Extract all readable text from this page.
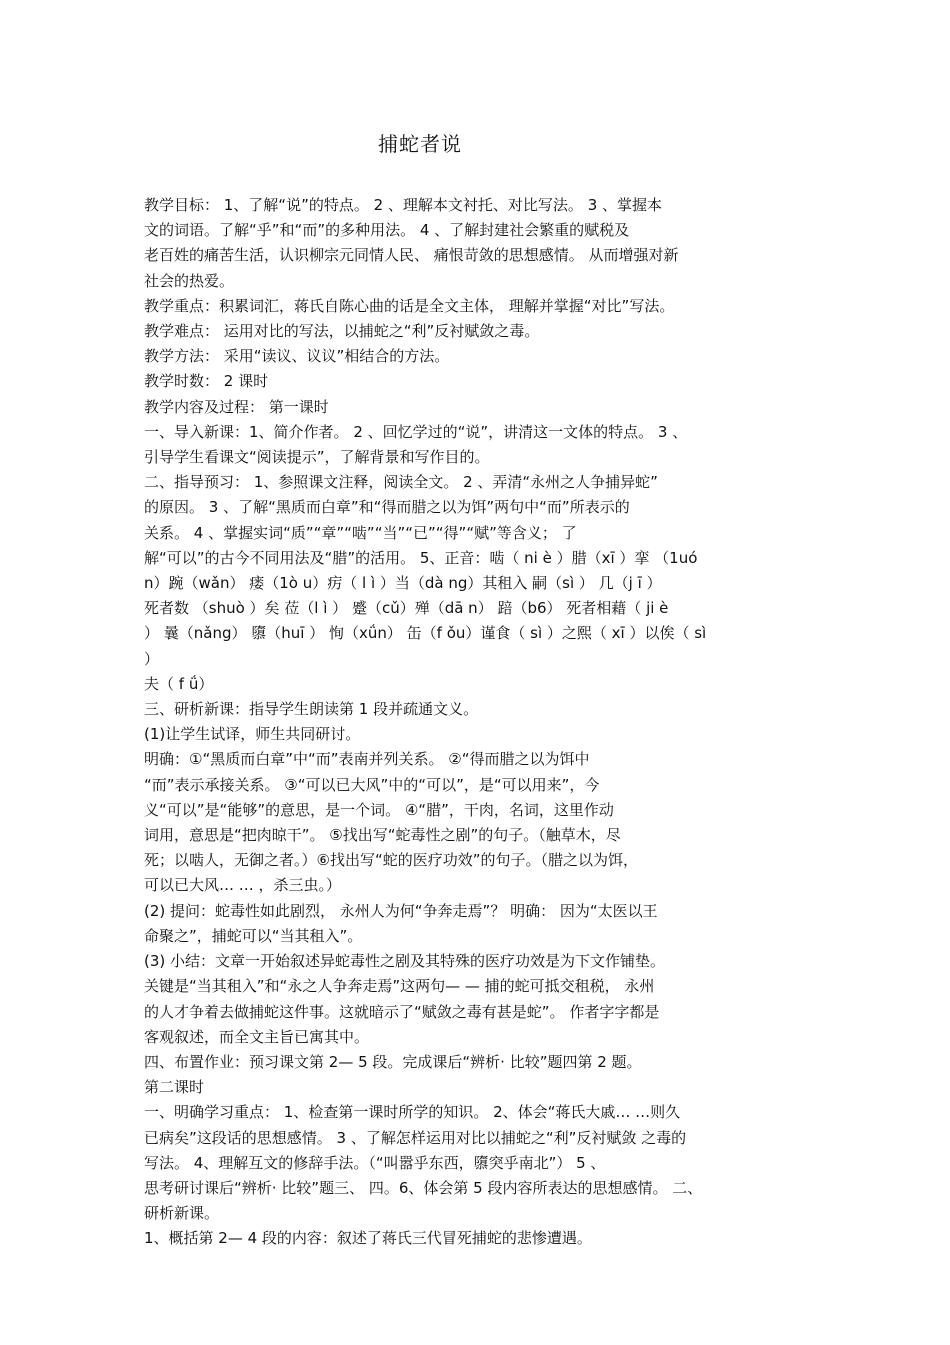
捕蛇者说
教学目标： 1、了解“说”的特点。 2 、理解本文衬托、对比写法。 3 、掌握本
文的词语。了解“乎”和“而”的多种用法。 4 、了解封建社会繁重的赋税及
老百姓的痛苦生活，认识柳宗元同情人民、 痛恨苛敛的思想感情。 从而增强对新
社会的热爱。
教学重点：积累词汇，蒋氏自陈心曲的话是全文主体， 理解并掌握“对比”写法。
教学难点： 运用对比的写法，以捕蛇之“利”反衬赋敛之毒。
教学方法： 采用“读议、议议”相结合的方法。
教学时数： 2 课时
教学内容及过程： 第一课时
一、导入新课：1、简介作者。 2 、回忆学过的“说”，讲清这一文体的特点。 3 、
引导学生看课文“阅读提示”，了解背景和写作目的。
二、指导预习： 1、参照课文注释，阅读全文。 2 、弄清“永州之人争捕异蛇”
的原因。 3 、了解“黑质而白章”和“得而腊之以为饵”两句中“而”所表示的
关系。 4 、掌握实词“质”“章”“啮”“当”“已”“得”“赋”等含义； 了
解“可以”的古今不同用法及“腊”的活用。 5、正音：啮（ ni è ）腊（xī ）挛 （1uó
n）踠（wǎn） 瘘（1ò u）疠（ l ì ）当（dà ng）其租入 嗣（sì ） 几（j ī ）
死者数 （shuò ）矣 莅（l ì ） 蹙（cǔ）殚（dā n） 踣（b6） 死者相藉（ ji è
） 曩（nǎng） 隳（huī ） 恂（xǘn） 缶（f ǒu）谨食（ sì ）之熙（ xī ）以俟（ sì
）
夫（ f ǘ）
三、研析新课：指导学生朗读第 1 段并疏通文义。
(1)让学生试译，师生共同研讨。
明确：①“黑质而白章”中“而”表南并列关系。 ②“得而腊之以为饵中
“而”表示承接关系。 ③“可以已大风”中的“可以”，是“可以用来”，今
义“可以”是“能够”的意思，是一个词。 ④“腊”，干肉，名词，这里作动
词用，意思是“把肉晾干”。 ⑤找出写“蛇毒性之剧”的句子。（触草木，尽
死；以啮人，无御之者。）⑥找出写“蛇的医疗功效”的句子。（腊之以为饵，
可以已大风… … ，杀三虫。）
(2) 提问：蛇毒性如此剧烈， 永州人为何“争奔走焉”？ 明确： 因为“太医以王
命聚之”，捕蛇可以“当其租入”。
(3) 小结：文章一开始叙述异蛇毒性之剧及其特殊的医疗功效是为下文作铺垫。
关键是“当其租入”和“永之人争奔走焉”这两句— — 捕的蛇可抵交租税， 永州
的人才争着去做捕蛇这件事。这就暗示了“赋敛之毒有甚是蛇”。 作者字字都是
客观叙述，而全文主旨已寓其中。
四、布置作业：预习课文第 2— 5 段。完成课后“辨析· 比较”题四第 2 题。
第二课时
一、明确学习重点： 1、检查第一课时所学的知识。 2、体会“蒋氏大戚… …则久
已病矣”这段话的思想感情。 3 、了解怎样运用对比以捕蛇之“利”反衬赋敛 之毒的
写法。 4、理解互文的修辞手法。（“叫嚣乎东西，隳突乎南北”） 5 、
思考研讨课后“辨析· 比较”题三、 四。6、体会第 5 段内容所表达的思想感情。 二、
研析新课。
1、概括第 2— 4 段的内容：叙述了蒋氏三代冒死捕蛇的悲惨遭遇。
